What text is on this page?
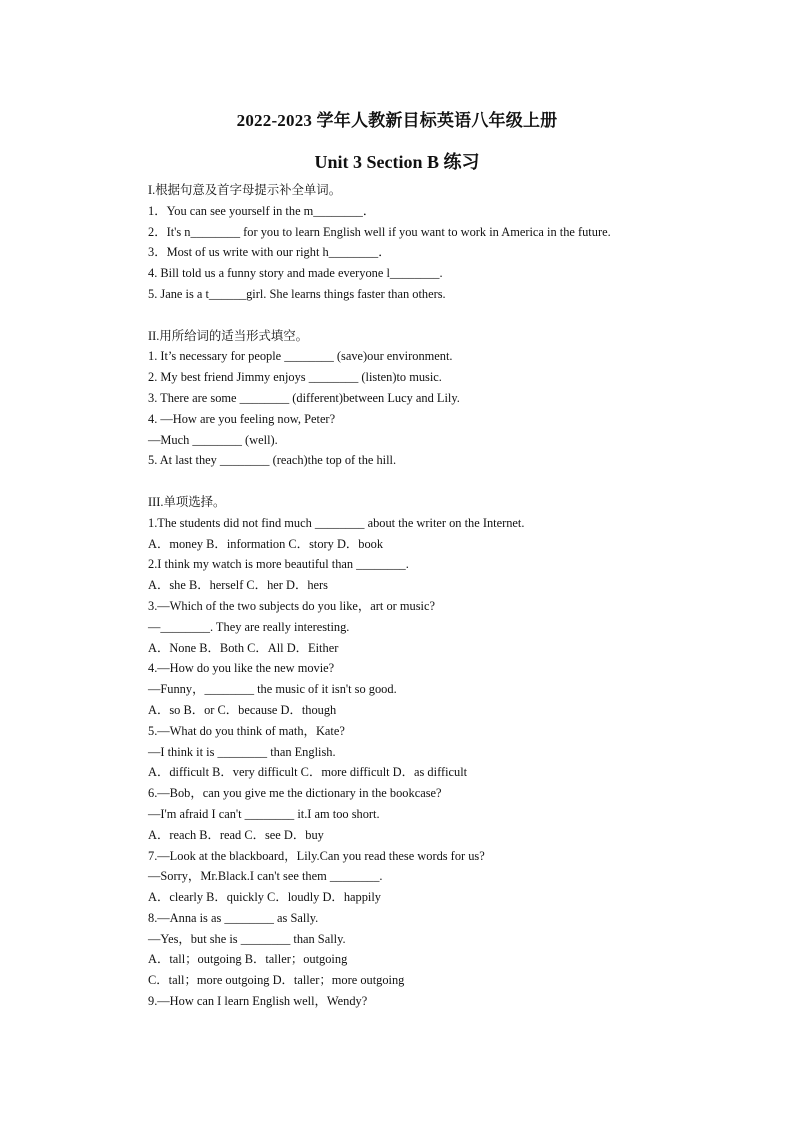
2022-2023 学年人教新目标英语八年级上册
Unit 3 Section B 练习
I.根据句意及首字母提示补全单词。
1．You can see yourself in the m________．
2．It's n________ for you to learn English well if you want to work in America in the future.
3．Most of us write with our right h________．
4. Bill told us a funny story and made everyone l________.
5. Jane is a t______girl. She learns things faster than others.
II.用所给词的适当形式填空。
1. It’s necessary for people ________ (save)our environment.
2. My best friend Jimmy enjoys ________ (listen)to music.
3. There are some ________ (different)between Lucy and Lily.
4. —How are you feeling now, Peter?
—Much ________ (well).
5. At last they ________ (reach)the top of the hill.
III.单项选择。
1.The students did not find much ________ about the writer on the Internet.
A．money B．information C．story D．book
2.I think my watch is more beautiful than ________.
A．she B．herself C．her D．hers
3.—Which of the two subjects do you like，art or music?
—________. They are really interesting.
A．None B．Both C．All D．Either
4.—How do you like the new movie?
—Funny，________ the music of it isn't so good.
A．so B．or C．because D．though
5.—What do you think of math，Kate?
—I think it is ________ than English.
A．difficult B．very difficult C．more difficult D．as difficult
6.—Bob，can you give me the dictionary in the bookcase?
—I'm afraid I can't ________ it.I am too short.
A．reach B．read C．see D．buy
7.—Look at the blackboard，Lily.Can you read these words for us?
—Sorry，Mr.Black.I can't see them ________.
A．clearly B．quickly C．loudly D．happily
8.—Anna is as ________ as Sally.
—Yes，but she is ________ than Sally.
A．tall；outgoing B．taller；outgoing
C．tall；more outgoing D．taller；more outgoing
9.—How can I learn English well，Wendy?
